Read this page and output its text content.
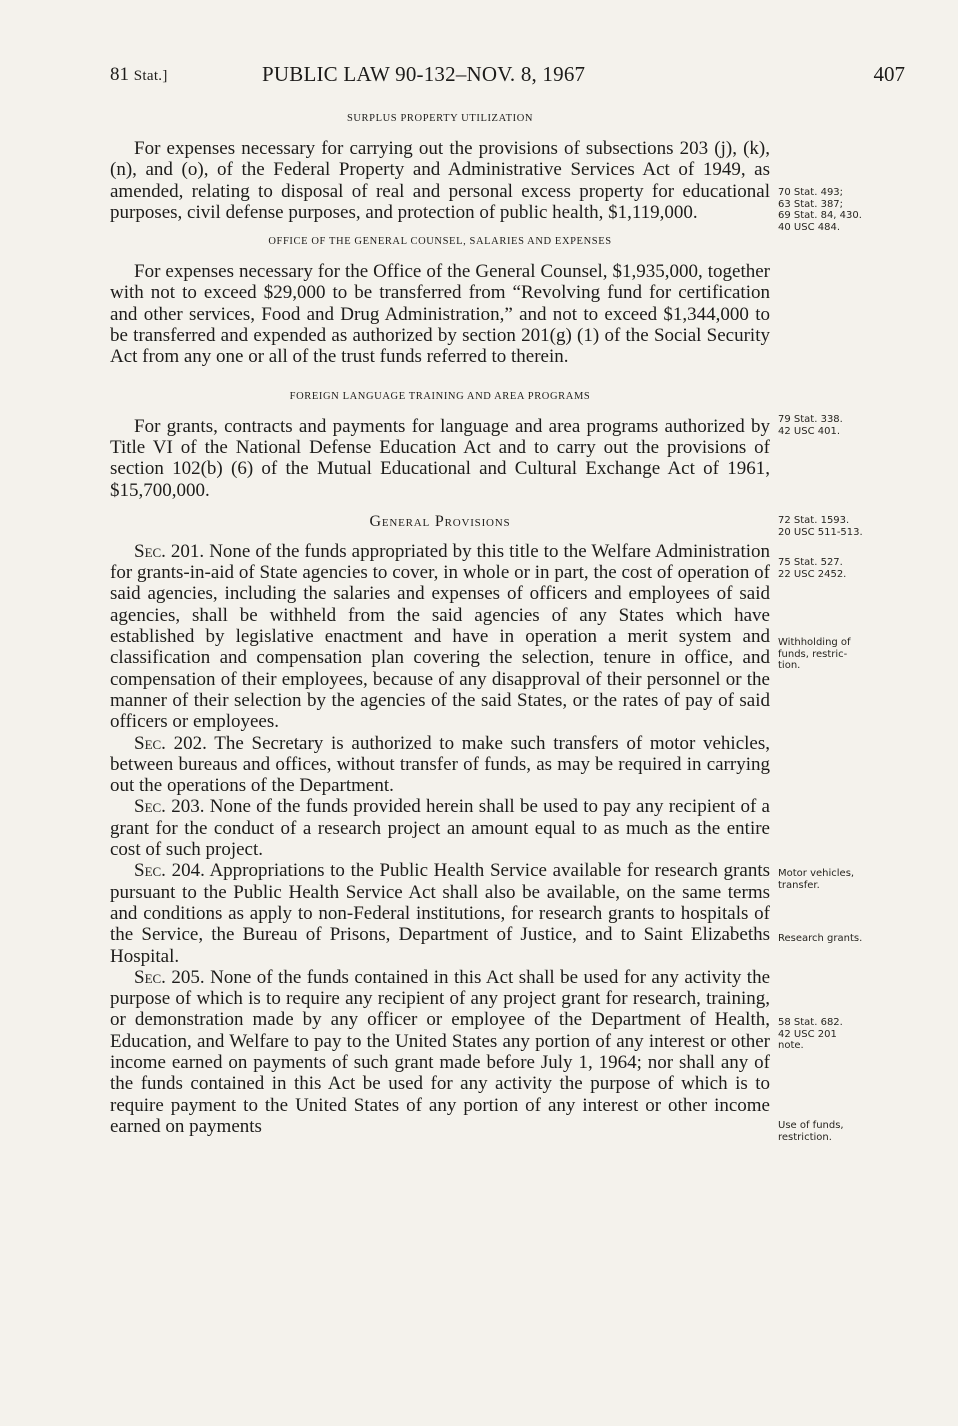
81 Stat.]	PUBLIC LAW 90-132–NOV. 8, 1967	407
SURPLUS PROPERTY UTILIZATION

For expenses necessary for carrying out the provisions of subsections 203 (j), (k), (n), and (o), of the Federal Property and Administrative Services Act of 1949, as amended, relating to disposal of real and personal excess property for educational purposes, civil defense purposes, and protection of public health, $1,119,000.

OFFICE OF THE GENERAL COUNSEL, SALARIES AND EXPENSES

For expenses necessary for the Office of the General Counsel, $1,935,000, together with not to exceed $29,000 to be transferred from “Revolving fund for certification and other services, Food and Drug Administration,” and not to exceed $1,344,000 to be transferred and expended as authorized by section 201(g) (1) of the Social Security Act from any one or all of the trust funds referred to therein.

FOREIGN LANGUAGE TRAINING AND AREA PROGRAMS

For grants, contracts and payments for language and area programs authorized by Title VI of the National Defense Education Act and to carry out the provisions of section 102(b) (6) of the Mutual Educational and Cultural Exchange Act of 1961, $15,700,000.

General Provisions

Sec. 201. None of the funds appropriated by this title to the Welfare Administration for grants-in-aid of State agencies to cover, in whole or in part, the cost of operation of said agencies, including the salaries and expenses of officers and employees of said agencies, shall be withheld from the said agencies of any States which have established by legislative enactment and have in operation a merit system and classification and compensation plan covering the selection, tenure in office, and compensation of their employees, because of any disapproval of their personnel or the manner of their selection by the agencies of the said States, or the rates of pay of said officers or employees.

Sec. 202. The Secretary is authorized to make such transfers of motor vehicles, between bureaus and offices, without transfer of funds, as may be required in carrying out the operations of the Department.

Sec. 203. None of the funds provided herein shall be used to pay any recipient of a grant for the conduct of a research project an amount equal to as much as the entire cost of such project.

Sec. 204. Appropriations to the Public Health Service available for research grants pursuant to the Public Health Service Act shall also be available, on the same terms and conditions as apply to non-Federal institutions, for research grants to hospitals of the Service, the Bureau of Prisons, Department of Justice, and to Saint Elizabeths Hospital.

Sec. 205. None of the funds contained in this Act shall be used for any activity the purpose of which is to require any recipient of any project grant for research, training, or demonstration made by any officer or employee of the Department of Health, Education, and Welfare to pay to the United States any portion of any interest or other income earned on payments of such grant made before July 1, 1964; nor shall any of the funds contained in this Act be used for any activity the purpose of which is to require payment to the United States of any portion of any interest or other income earned on payments

70 Stat. 493;
63 Stat. 387;
69 Stat. 84, 430.
40 USC 484.
79 Stat. 338.
42 USC 401.
72 Stat. 1593.
20 USC 511-513.
75 Stat. 527.
22 USC 2452.
Withholding of
funds, restric-
tion.
Motor vehicles,
transfer.
Research grants.
58 Stat. 682.
42 USC 201
note.
Use of funds,
restriction.
